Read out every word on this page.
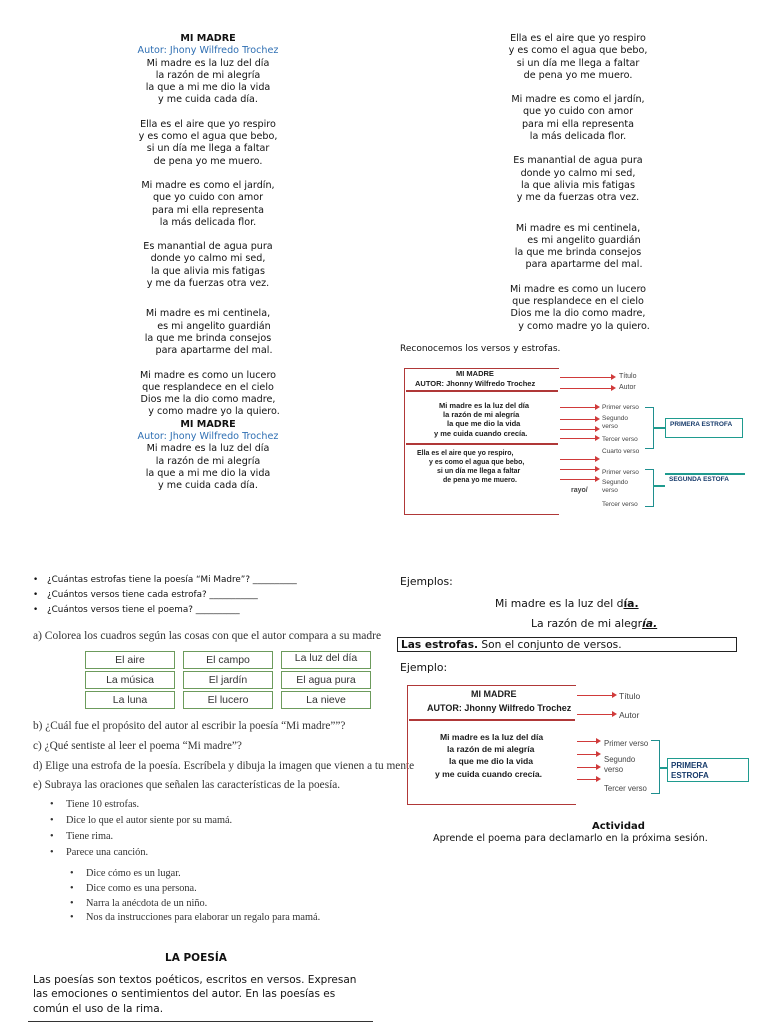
MI MADRE
Autor: Jhony Wilfredo Trochez
Mi madre es la luz del día
la razón de mi alegría
la que a mi me dio la vida
y me cuida cada día.
Ella es el aire que yo respiro
y es como el agua que bebo,
si un día me llega a faltar
de pena yo me muero.
Mi madre es como el jardín,
que yo cuido con amor
para mi ella representa
la más delicada flor.
Es manantial de agua pura
donde yo calmo mi sed,
la que alivia mis fatigas
y me da fuerzas otra vez.
Mi madre es mi centinela,
es mi angelito guardián
la que me brinda consejos
para apartarme del mal.
Mi madre es como un lucero
que resplandece en el cielo
Dios me la dio como madre,
y como madre yo la quiero.
MI MADRE
Autor: Jhony Wilfredo Trochez
Mi madre es la luz del día
la razón de mi alegría
la que a mi me dio la vida
y me cuida cada día.
Ella es el aire que yo respiro
y es como el agua que bebo,
si un día me llega a faltar
de pena yo me muero.
Mi madre es como el jardín,
que yo cuido con amor
para mi ella representa
la más delicada flor.
Es manantial de agua pura
donde yo calmo mi sed,
la que alivia mis fatigas
y me da fuerzas otra vez.
Mi madre es mi centinela,
es mi angelito guardián
la que me brinda consejos
para apartarme del mal.
Mi madre es como un lucero
que resplandece en el cielo
Dios me la dio como madre,
y como madre yo la quiero.
Reconocemos los versos y estrofas.
MI MADRE
AUTOR: Jhonny Wilfredo Trochez
Mi madre es la luz del día
la razón de mi alegría
la que me dio la vida
y me cuida cuando crecía.
Ella es el aire que yo respiro,
y es como el agua que bebo,
si un día me llega a faltar
de pena yo me muero.
rayo/
Título
Autor
Primer verso
Segundo verso
Tercer verso
Cuarto verso
Primer verso
Segundo verso
Tercer verso
PRIMERA ESTROFA
SEGUNDA ESTOFA
• ¿Cuántas estrofas tiene la poesía “Mi Madre”? __________
• ¿Cuántos versos tiene cada estrofa? ___________
• ¿Cuántos versos tiene el poema? __________
a) Colorea los cuadros según las cosas con que el autor compara a su madre
El aire	El campo	La luz del día
La música	El jardín	El agua pura
La luna	El lucero	La nieve
b) ¿Cuál fue el propósito del autor al escribir la poesía “Mi madre””?
c) ¿Qué sentiste al leer el poema “Mi madre”?
d) Elige una estrofa de la poesía. Escríbela y dibuja la imagen que vienen a tu mente
e) Subraya las oraciones que señalen las características de la poesía.
• Tiene 10 estrofas.
• Dice lo que el autor siente por su mamá.
• Tiene rima.
• Parece una canción.
• Dice cómo es un lugar.
• Dice como es una persona.
• Narra la anécdota de un niño.
• Nos da instrucciones para elaborar un regalo para mamá.
LA POESÍA
Las poesías son textos poéticos, escritos en versos. Expresan las emociones o sentimientos del autor. En las poesías es común el uso de la rima.
Ejemplos:
Mi madre es la luz del día.
La razón de mi alegría.
Las estrofas. Son el conjunto de versos.
Ejemplo:
MI MADRE
AUTOR: Jhonny Wilfredo Trochez
Mi madre es la luz del día
la razón de mi alegría
la que me dio la vida
y me cuida cuando crecía.
Título
Autor
Primer verso
Segundo verso
Tercer verso
PRIMERA ESTROFA
Actividad
Aprende el poema para declamarlo en la próxima sesión.
